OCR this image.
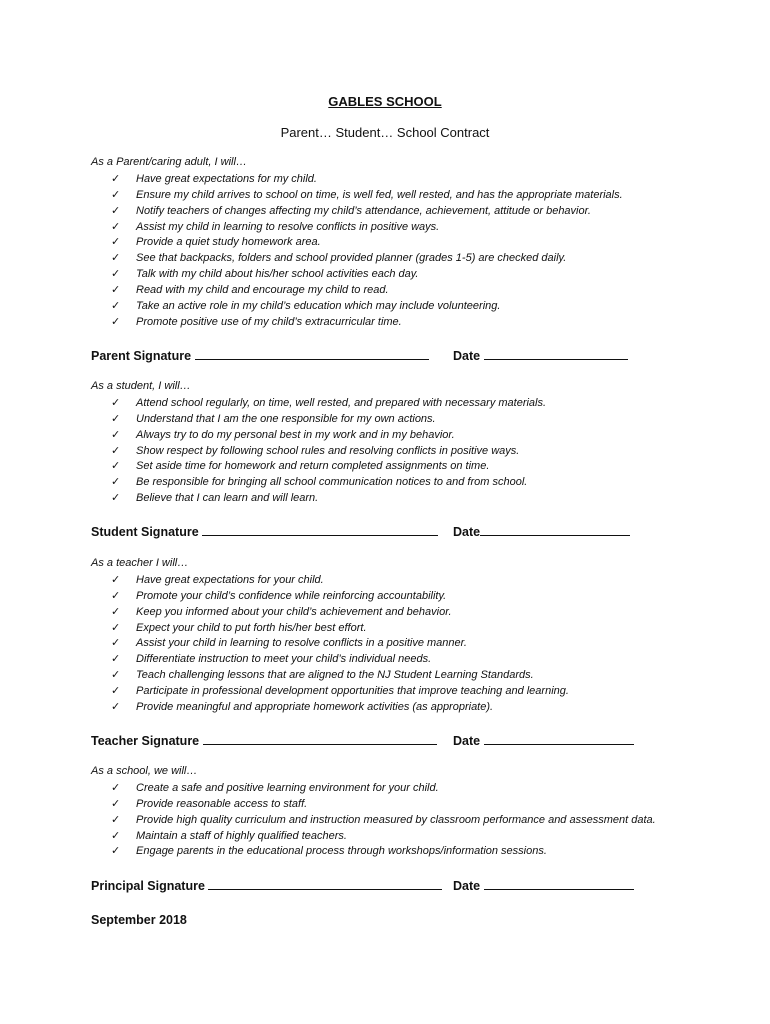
GABLES SCHOOL
Parent… Student… School Contract
As a Parent/caring adult, I will…
✓ Have great expectations for my child.
✓ Ensure my child arrives to school on time, is well fed, well rested, and has the appropriate materials.
✓ Notify teachers of changes affecting my child’s attendance, achievement, attitude or behavior.
✓ Assist my child in learning to resolve conflicts in positive ways.
✓ Provide a quiet study homework area.
✓ See that backpacks, folders and school provided planner (grades 1-5) are checked daily.
✓ Talk with my child about his/her school activities each day.
✓ Read with my child and encourage my child to read.
✓ Take an active role in my child’s education which may include volunteering.
✓ Promote positive use of my child’s extracurricular time.
Parent Signature	Date
As a student, I will…
✓ Attend school regularly, on time, well rested, and prepared with necessary materials.
✓ Understand that I am the one responsible for my own actions.
✓ Always try to do my personal best in my work and in my behavior.
✓ Show respect by following school rules and resolving conflicts in positive ways.
✓ Set aside time for homework and return completed assignments on time.
✓ Be responsible for bringing all school communication notices to and from school.
✓ Believe that I can learn and will learn.
Student Signature	Date
As a teacher I will…
✓ Have great expectations for your child.
✓ Promote your child’s confidence while reinforcing accountability.
✓ Keep you informed about your child’s achievement and behavior.
✓ Expect your child to put forth his/her best effort.
✓ Assist your child in learning to resolve conflicts in a positive manner.
✓ Differentiate instruction to meet your child’s individual needs.
✓ Teach challenging lessons that are aligned to the NJ Student Learning Standards.
✓ Participate in professional development opportunities that improve teaching and learning.
✓ Provide meaningful and appropriate homework activities (as appropriate).
Teacher Signature	Date
As a school, we will…
✓ Create a safe and positive learning environment for your child.
✓ Provide reasonable access to staff.
✓ Provide high quality curriculum and instruction measured by classroom performance and assessment data.
✓ Maintain a staff of highly qualified teachers.
✓ Engage parents in the educational process through workshops/information sessions.
Principal Signature	Date
September 2018
